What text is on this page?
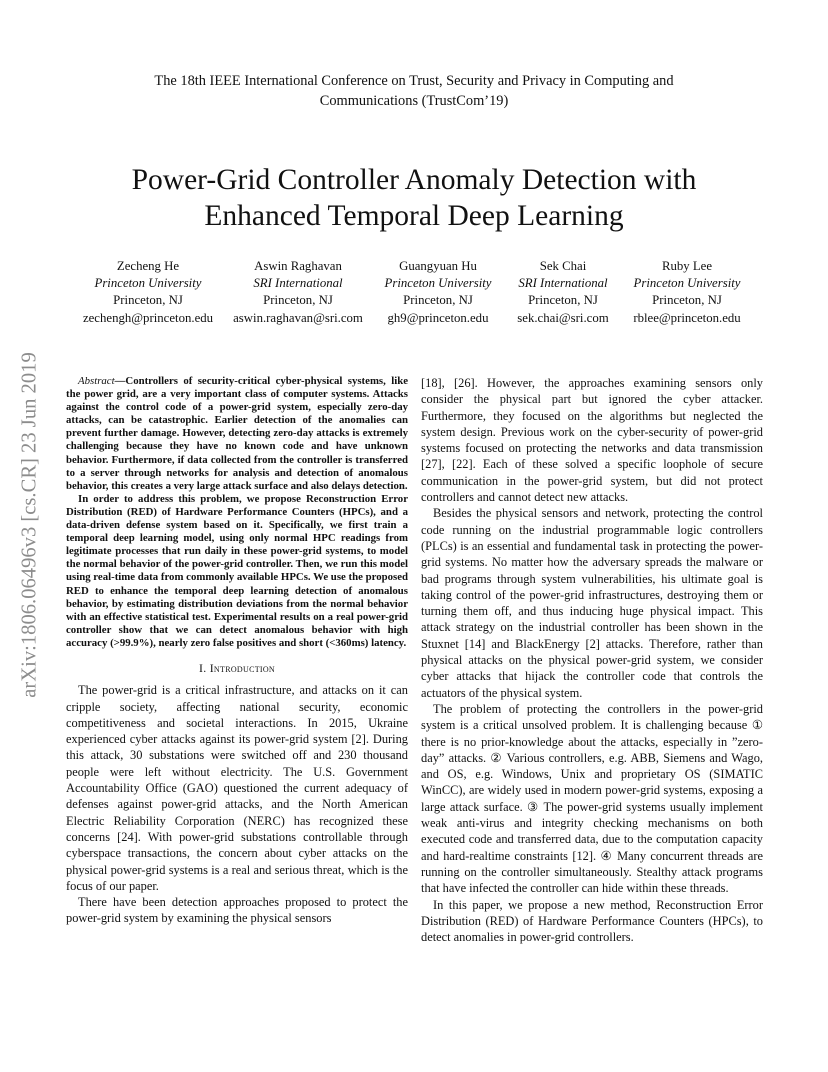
The 18th IEEE International Conference on Trust, Security and Privacy in Computing and
Communications (TrustCom’19)
Power-Grid Controller Anomaly Detection with
Enhanced Temporal Deep Learning
Zecheng He
Princeton University
Princeton, NJ
zechengh@princeton.edu
Aswin Raghavan
SRI International
Princeton, NJ
aswin.raghavan@sri.com
Guangyuan Hu
Princeton University
Princeton, NJ
gh9@princeton.edu
Sek Chai
SRI International
Princeton, NJ
sek.chai@sri.com
Ruby Lee
Princeton University
Princeton, NJ
rblee@princeton.edu
arXiv:1806.06496v3 [cs.CR] 23 Jun 2019	Abstract—Controllers of security-critical cyber-physical systems, like the power grid, are a very important class of computer systems. Attacks against the control code of a power-grid system, especially zero-day attacks, can be catastrophic. Earlier detection of the anomalies can prevent further damage. However, detecting zero-day attacks is extremely challenging because they have no known code and have unknown behavior. Furthermore, if data collected from the controller is transferred to a server through networks for analysis and detection of anomalous behavior, this creates a very large attack surface and also delays detection.

In order to address this problem, we propose Reconstruction Error Distribution (RED) of Hardware Performance Counters (HPCs), and a data-driven defense system based on it. Specifically, we first train a temporal deep learning model, using only normal HPC readings from legitimate processes that run daily in these power-grid systems, to model the normal behavior of the power-grid controller. Then, we run this model using real-time data from commonly available HPCs. We use the proposed RED to enhance the temporal deep learning detection of anomalous behavior, by estimating distribution deviations from the normal behavior with an effective statistical test. Experimental results on a real power-grid controller show that we can detect anomalous behavior with high accuracy (>99.9%), nearly zero false positives and short (<360ms) latency.

I. Introduction

The power-grid is a critical infrastructure, and attacks on it can cripple society, affecting national security, economic competitiveness and societal interactions. In 2015, Ukraine experienced cyber attacks against its power-grid system [2]. During this attack, 30 substations were switched off and 230 thousand people were left without electricity. The U.S. Government Accountability Office (GAO) questioned the current adequacy of defenses against power-grid attacks, and the North American Electric Reliability Corporation (NERC) has recognized these concerns [24]. With power-grid substations controllable through cyberspace transactions, the concern about cyber attacks on the physical power-grid systems is a real and serious threat, which is the focus of our paper.

There have been detection approaches proposed to protect the power-grid system by examining the physical sensors

[18], [26]. However, the approaches examining sensors only consider the physical part but ignored the cyber attacker. Furthermore, they focused on the algorithms but neglected the system design. Previous work on the cyber-security of power-grid systems focused on protecting the networks and data transmission [27], [22]. Each of these solved a specific loophole of secure communication in the power-grid system, but did not protect controllers and cannot detect new attacks.

Besides the physical sensors and network, protecting the control code running on the industrial programmable logic controllers (PLCs) is an essential and fundamental task in protecting the power-grid systems. No matter how the adversary spreads the malware or bad programs through system vulnerabilities, his ultimate goal is taking control of the power-grid infrastructures, destroying them or turning them off, and thus inducing huge physical impact. This attack strategy on the industrial controller has been shown in the Stuxnet [14] and BlackEnergy [2] attacks. Therefore, rather than physical attacks on the physical power-grid system, we consider cyber attacks that hijack the controller code that controls the actuators of the physical system.

The problem of protecting the controllers in the power-grid system is a critical unsolved problem. It is challenging because ① there is no prior-knowledge about the attacks, especially in ”zero-day” attacks. ② Various controllers, e.g. ABB, Siemens and Wago, and OS, e.g. Windows, Unix and proprietary OS (SIMATIC WinCC), are widely used in modern power-grid systems, exposing a large attack surface. ③ The power-grid systems usually implement weak anti-virus and integrity checking mechanisms on both executed code and transferred data, due to the computation capacity and hard-realtime constraints [12]. ④ Many concurrent threads are running on the controller simultaneously. Stealthy attack programs that have infected the controller can hide within these threads.

In this paper, we propose a new method, Reconstruction Error Distribution (RED) of Hardware Performance Counters (HPCs), to detect anomalies in power-grid controllers.
